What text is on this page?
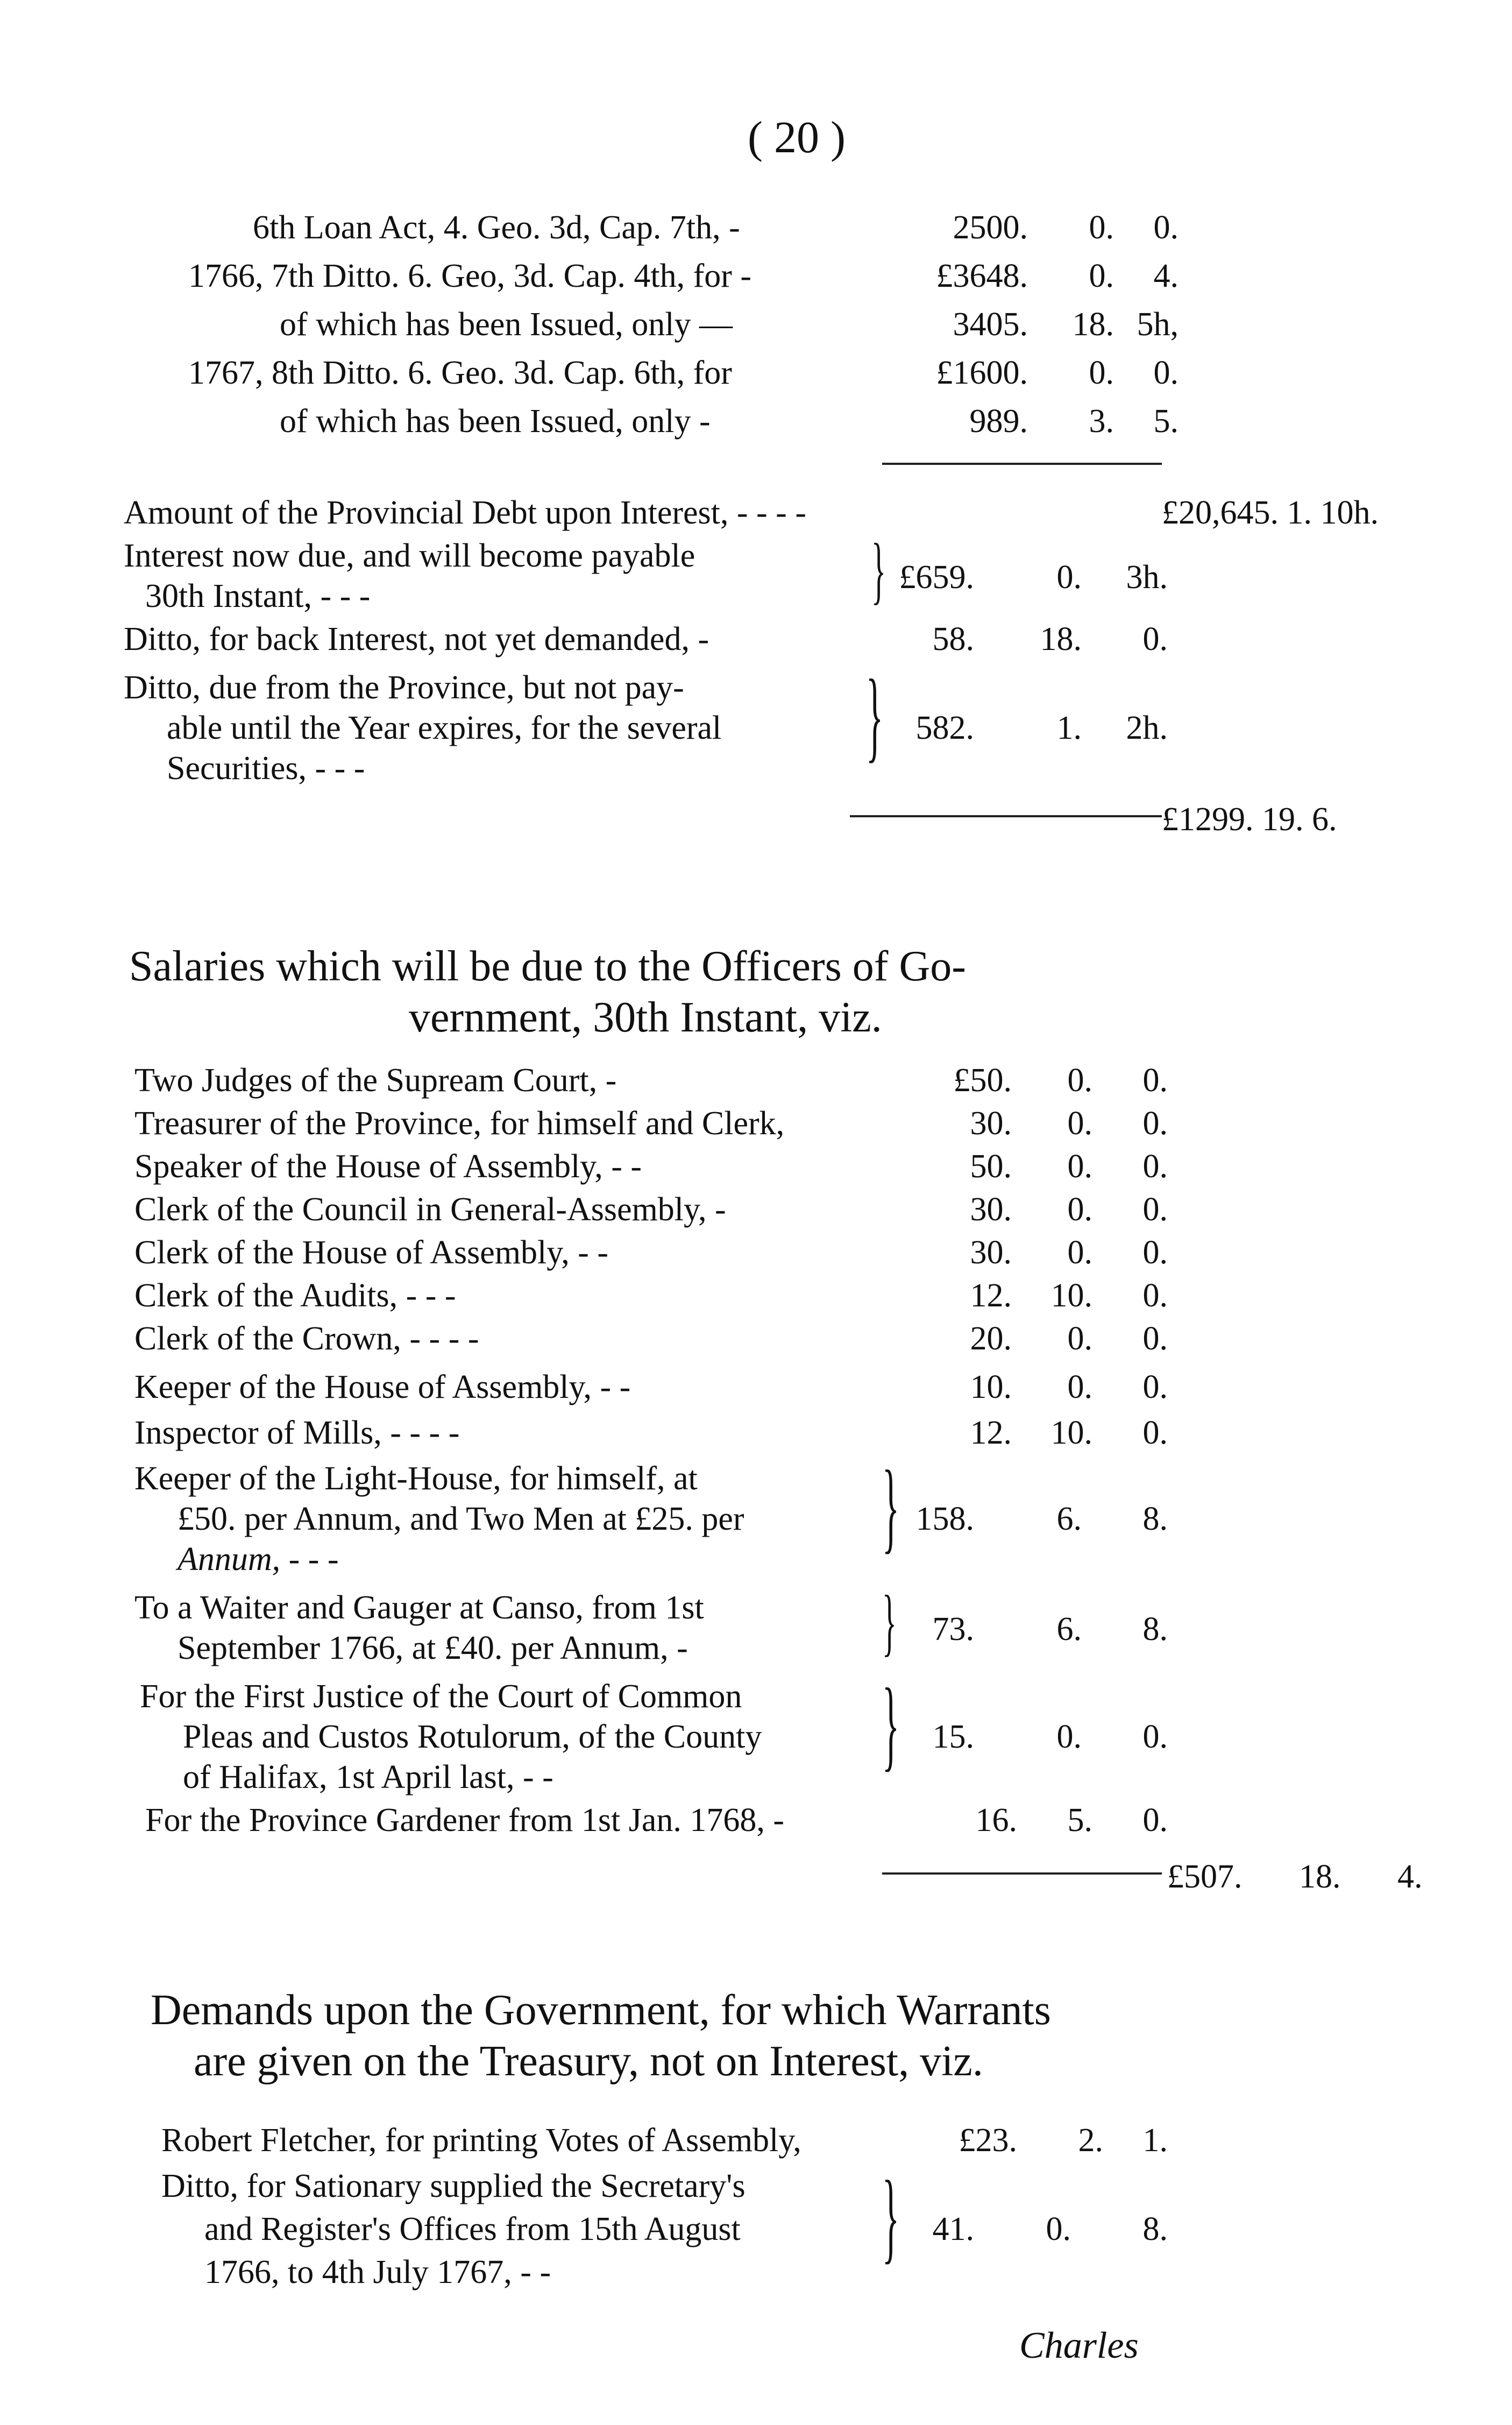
( 20 )
6th Loan Act, 4. Geo. 3d, Cap. 7th, -	2500. 0. 0.
1766, 7th Ditto. 6. Geo, 3d. Cap. 4th, for -	£3648. 0. 4.
of which has been Issued, only —	3405. 18. 5h,
1767, 8th Ditto. 6. Geo. 3d. Cap. 6th, for	£1600. 0. 0.
of which has been Issued, only -	989. 3. 5.
Amount of the Provincial Debt upon Interest, - - - -	£20,645. 1. 10h.
Interest now due, and will become payable
30th Instant, - - -	} £659. 0. 3h.
Ditto, for back Interest, not yet demanded, -	58. 18. 0.
Ditto, due from the Province, but not pay-
able until the Year expires, for the several
Securities, - - -	} 582. 1. 2h.
£1299. 19. 6.
Salaries which will be due to the Officers of Go-
vernment, 30th Instant, viz.
Two Judges of the Supream Court, -	£50. 0. 0.
Treasurer of the Province, for himself and Clerk,	30. 0. 0.
Speaker of the House of Assembly, - -	50. 0. 0.
Clerk of the Council in General-Assembly, -	30. 0. 0.
Clerk of the House of Assembly, - -	30. 0. 0.
Clerk of the Audits, - - -	12. 10. 0.
Clerk of the Crown, - - - -	20. 0. 0.
Keeper of the House of Assembly, - -	10. 0. 0.
Inspector of Mills, - - - -	12. 10. 0.
Keeper of the Light-House, for himself, at
£50. per Annum, and Two Men at £25. per
Annum, - - -	} 158. 6. 8.
To a Waiter and Gauger at Canso, from 1st
September 1766, at £40. per Annum, -	} 73. 6. 8.
For the First Justice of the Court of Common
Pleas and Custos Rotulorum, of the County
of Halifax, 1st April last, - -	} 15. 0. 0.
For the Province Gardener from 1st Jan. 1768, -	16. 5. 0.
£507. 18. 4.
Demands upon the Government, for which Warrants
are given on the Treasury, not on Interest, viz.
Robert Fletcher, for printing Votes of Assembly,	£23. 2. 1.
Ditto, for Sationary supplied the Secretary's
and Register's Offices from 15th August
1766, to 4th July 1767, - -	} 41. 0. 8.
Charles
